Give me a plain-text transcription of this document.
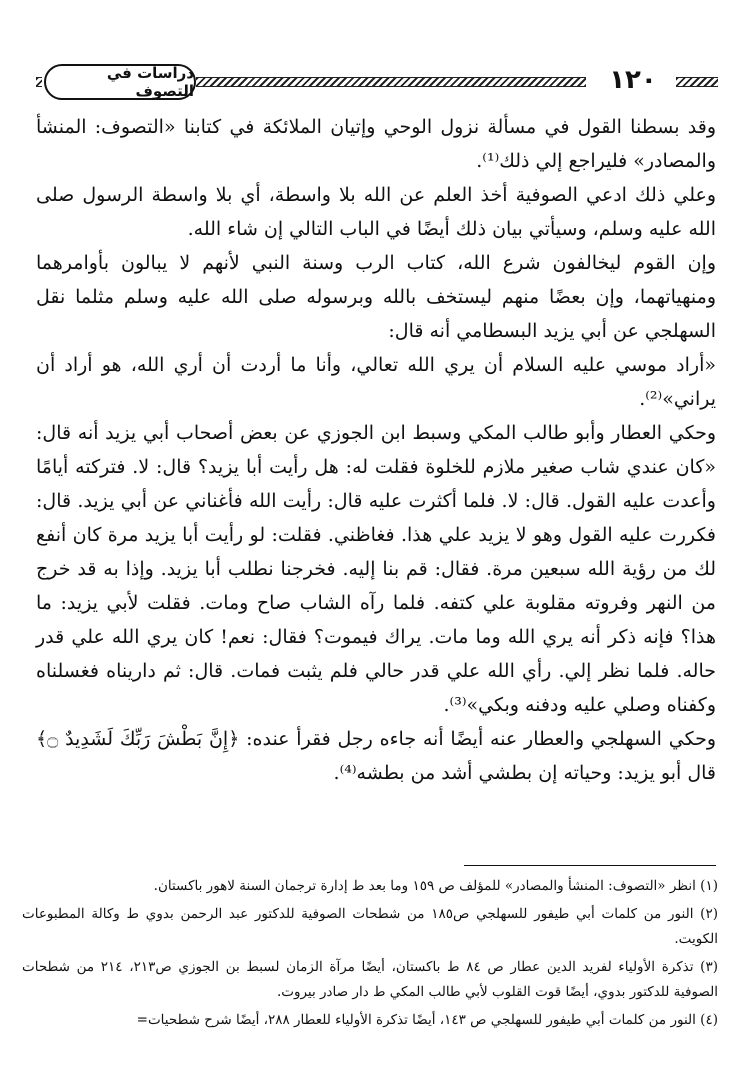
دراسات في التصوف	١٢٠

وقد بسطنا القول في مسألة نزول الوحي وإتيان الملائكة في كتابنا «التصوف: المنشأ والمصادر» فليراجع إلي ذلك⁽¹⁾.

وعلي ذلك ادعي الصوفية أخذ العلم عن الله بلا واسطة، أي بلا واسطة الرسول صلى الله عليه وسلم، وسيأتي بيان ذلك أيضًا في الباب التالي إن شاء الله.

وإن القوم ليخالفون شرع الله، كتاب الرب وسنة النبي لأنهم لا يبالون بأوامرهما ومنهياتهما، وإن بعضًا منهم ليستخف بالله وبرسوله صلى الله عليه وسلم مثلما نقل السهلجي عن أبي يزيد البسطامي أنه قال:

«أراد موسي عليه السلام أن يري الله تعالي، وأنا ما أردت أن أري الله، هو أراد أن يراني»⁽²⁾.

وحكي العطار وأبو طالب المكي وسبط ابن الجوزي عن بعض أصحاب أبي يزيد أنه قال: «كان عندي شاب صغير ملازم للخلوة فقلت له: هل رأيت أبا يزيد؟ قال: لا. فتركته أيامًا وأعدت عليه القول. قال: لا. فلما أكثرت عليه قال: رأيت الله فأغناني عن أبي يزيد. قال: فكررت عليه القول وهو لا يزيد علي هذا. فغاظني. فقلت: لو رأيت أبا يزيد مرة كان أنفع لك من رؤية الله سبعين مرة. فقال: قم بنا إليه. فخرجنا نطلب أبا يزيد. وإذا به قد خرج من النهر وفروته مقلوبة علي كتفه. فلما رآه الشاب صاح ومات. فقلت لأبي يزيد: ما هذا؟ فإنه ذكر أنه يري الله وما مات. يراك فيموت؟ فقال: نعم! كان يري الله علي قدر حاله. فلما نظر إلي. رأي الله علي قدر حالي فلم يثبت فمات. قال: ثم داريناه فغسلناه وكفناه وصلي عليه ودفنه وبكي»⁽³⁾.

وحكي السهلجي والعطار عنه أيضًا أنه جاءه رجل فقرأ عنده: ﴿إِنَّ بَطْشَ رَبِّكَ لَشَدِيدٌ ۝﴾ قال أبو يزيد: وحياته إن بطشي أشد من بطشه⁽⁴⁾.

(١) انظر «التصوف: المنشأ والمصادر» للمؤلف ص ١٥٩ وما بعد ط إدارة ترجمان السنة لاهور باكستان.

(٢) النور من كلمات أبي طيفور للسهلجي ص١٨٥ من شطحات الصوفية للدكتور عبد الرحمن بدوي ط وكالة المطبوعات الكويت.

(٣) تذكرة الأولياء لفريد الدين عطار ص ٨٤ ط باكستان، أيضًا مرآة الزمان لسبط بن الجوزي ص٢١٣، ٢١٤ من شطحات الصوفية للدكتور بدوي، أيضًا قوت القلوب لأبي طالب المكي ط دار صادر بيروت.

(٤) النور من كلمات أبي طيفور للسهلجي ص ١٤٣، أيضًا تذكرة الأولياء للعطار ٢٨٨، أيضًا شرح شطحيات=
